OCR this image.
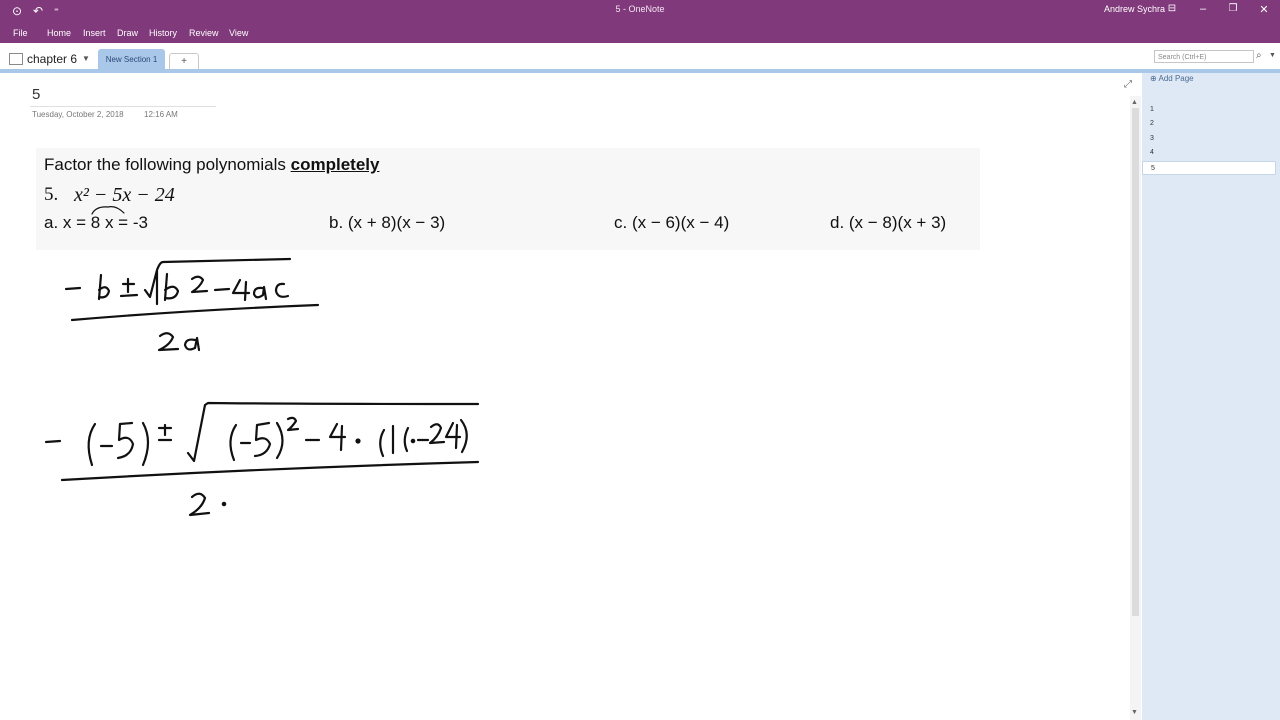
⊙ ↶ ⁼	5 - OneNote	Andrew Sychra ⊟	–	❐	✕
File Home Insert Draw History Review View
chapter 6 ▼	New Section 1	+	Search (Ctrl+E)	⌕ ▼
5
Tuesday, October 2, 2018	12:16 AM
⤢
Factor the following polynomials completely
5. x² − 5x − 24
a. x = 8 x = -3	b. (x + 8)(x − 3)	c. (x − 6)(x − 4)	d. (x − 8)(x + 3)
▲
▼
⊕ Add Page
1
2
3
4
5
